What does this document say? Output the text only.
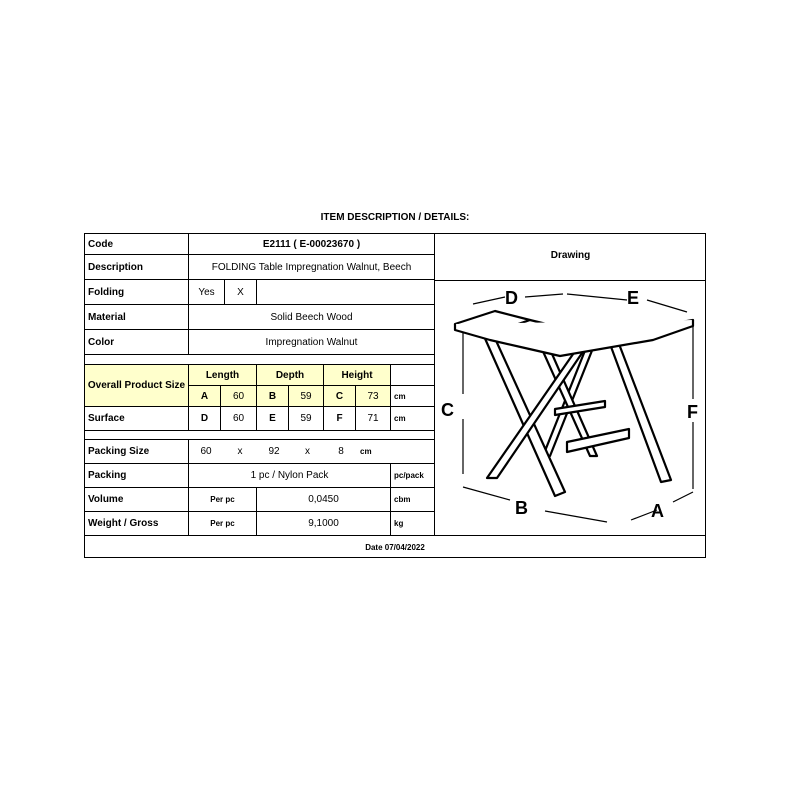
ITEM DESCRIPTION / DETAILS:
Code	E2111 ( E-00023670 )
Description	FOLDING Table Impregnation Walnut, Beech
Folding	Yes	X
Material	Solid Beech Wood
Color	Impregnation Walnut
Overall Product Size
Length	Depth	Height
A	60	B	59	C	73	cm
Surface	D	60	E	59	F	71	cm
Packing Size	60	x	92	x	8	cm
Packing	1 pc / Nylon Pack	pc/pack
Volume	Per pc	0,0450	cbm
Weight / Gross	Per pc	9,1000	kg
Drawing
D	E
C	F
B	A
Date 07/04/2022
